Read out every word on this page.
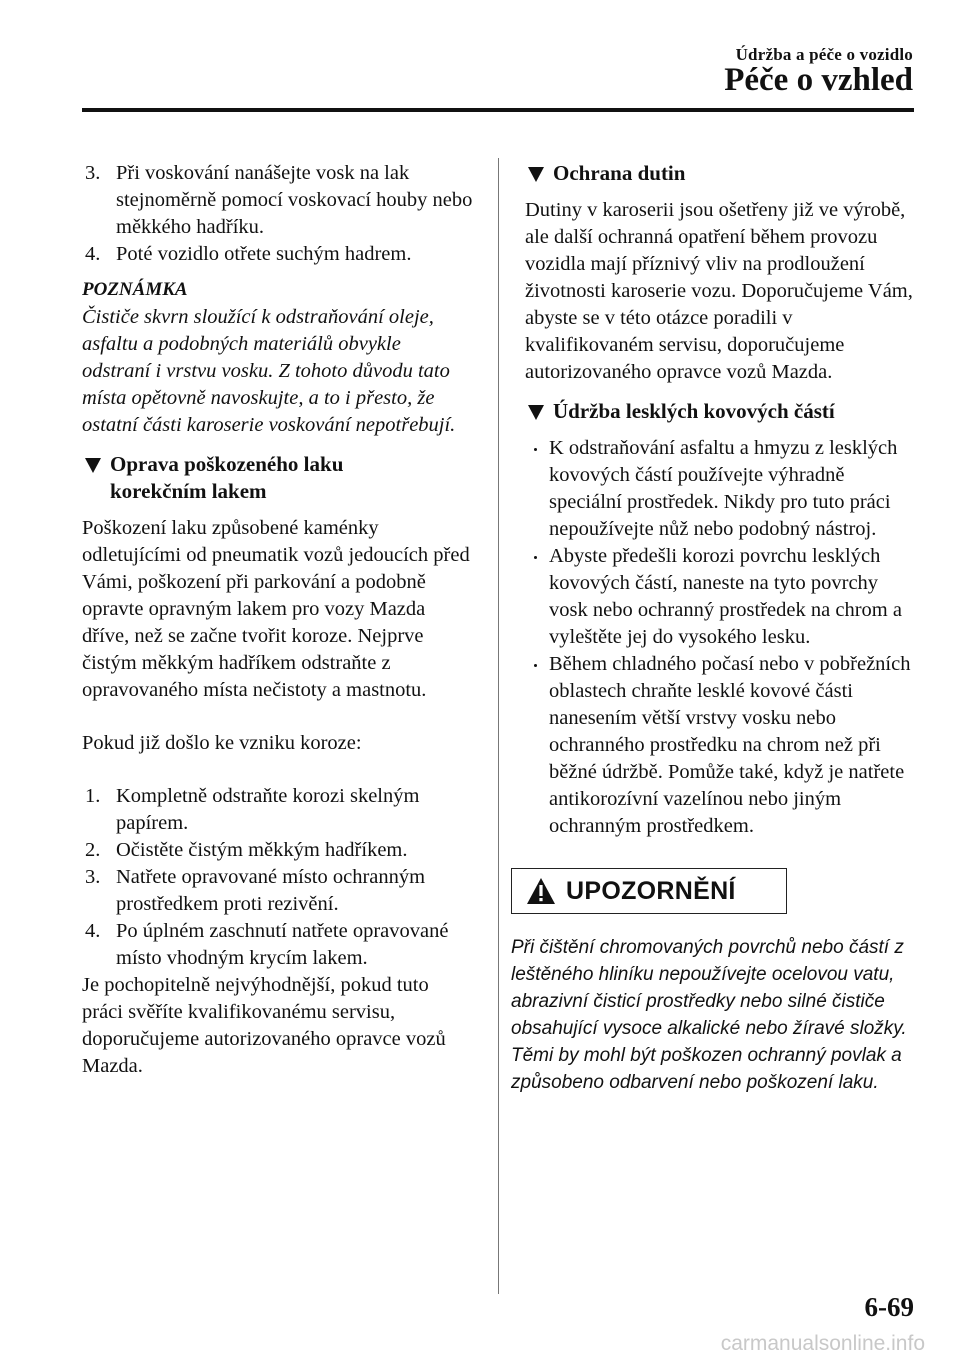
Údržba a péče o vozidlo
Péče o vzhled
3. Při voskování nanášejte vosk na lak stejnoměrně pomocí voskovací houby nebo měkkého hadříku.
4. Poté vozidlo otřete suchým hadrem.
POZNÁMKA
Čističe skvrn sloužící k odstraňování oleje, asfaltu a podobných materiálů obvykle odstraní i vrstvu vosku. Z tohoto důvodu tato místa opětovně navoskujte, a to i přesto, že ostatní části karoserie voskování nepotřebují.
Oprava poškozeného laku
korekčním lakem

Poškození laku způsobené kaménky odletujícími od pneumatik vozů jedoucích před Vámi, poškození při parkování a podobně opravte opravným lakem pro vozy Mazda dříve, než se začne tvořit koroze. Nejprve čistým měkkým hadříkem odstraňte z opravovaného místa nečistoty a mastnotu.

Pokud již došlo ke vzniku koroze:

1. Kompletně odstraňte korozi skelným papírem.
2. Očistěte čistým měkkým hadříkem.
3. Natřete opravované místo ochranným prostředkem proti rezivění.
4. Po úplném zaschnutí natřete opravované místo vhodným krycím lakem.

Je pochopitelně nejvýhodnější, pokud tuto práci svěříte kvalifikovanému servisu, doporučujeme autorizovaného opravce vozů Mazda.

Ochrana dutin

Dutiny v karoserii jsou ošetřeny již ve výrobě, ale další ochranná opatření během provozu vozidla mají příznivý vliv na prodloužení životnosti karoserie vozu. Doporučujeme Vám, abyste se v této otázce poradili v kvalifikovaném servisu, doporučujeme autorizovaného opravce vozů Mazda.

Údržba lesklých kovových částí
K odstraňování asfaltu a hmyzu z lesklých kovových částí používejte výhradně speciální prostředek. Nikdy pro tuto práci nepoužívejte nůž nebo podobný nástroj.
Abyste předešli korozi povrchu lesklých kovových částí, naneste na tyto povrchy vosk nebo ochranný prostředek na chrom a vyleštěte jej do vysokého lesku.
Během chladného počasí nebo v pobřežních oblastech chraňte lesklé kovové části nanesením větší vrstvy vosku nebo ochranného prostředku na chrom než při běžné údržbě. Pomůže také, když je natřete antikorozívní vazelínou nebo jiným ochranným prostředkem.
UPOZORNĚNÍ
Při čištění chromovaných povrchů nebo částí z leštěného hliníku nepoužívejte ocelovou vatu, abrazivní čisticí prostředky nebo silné čističe obsahující vysoce alkalické nebo žíravé složky. Těmi by mohl být poškozen ochranný povlak a způsobeno odbarvení nebo poškození laku.
6-69
carmanualsonline.info
